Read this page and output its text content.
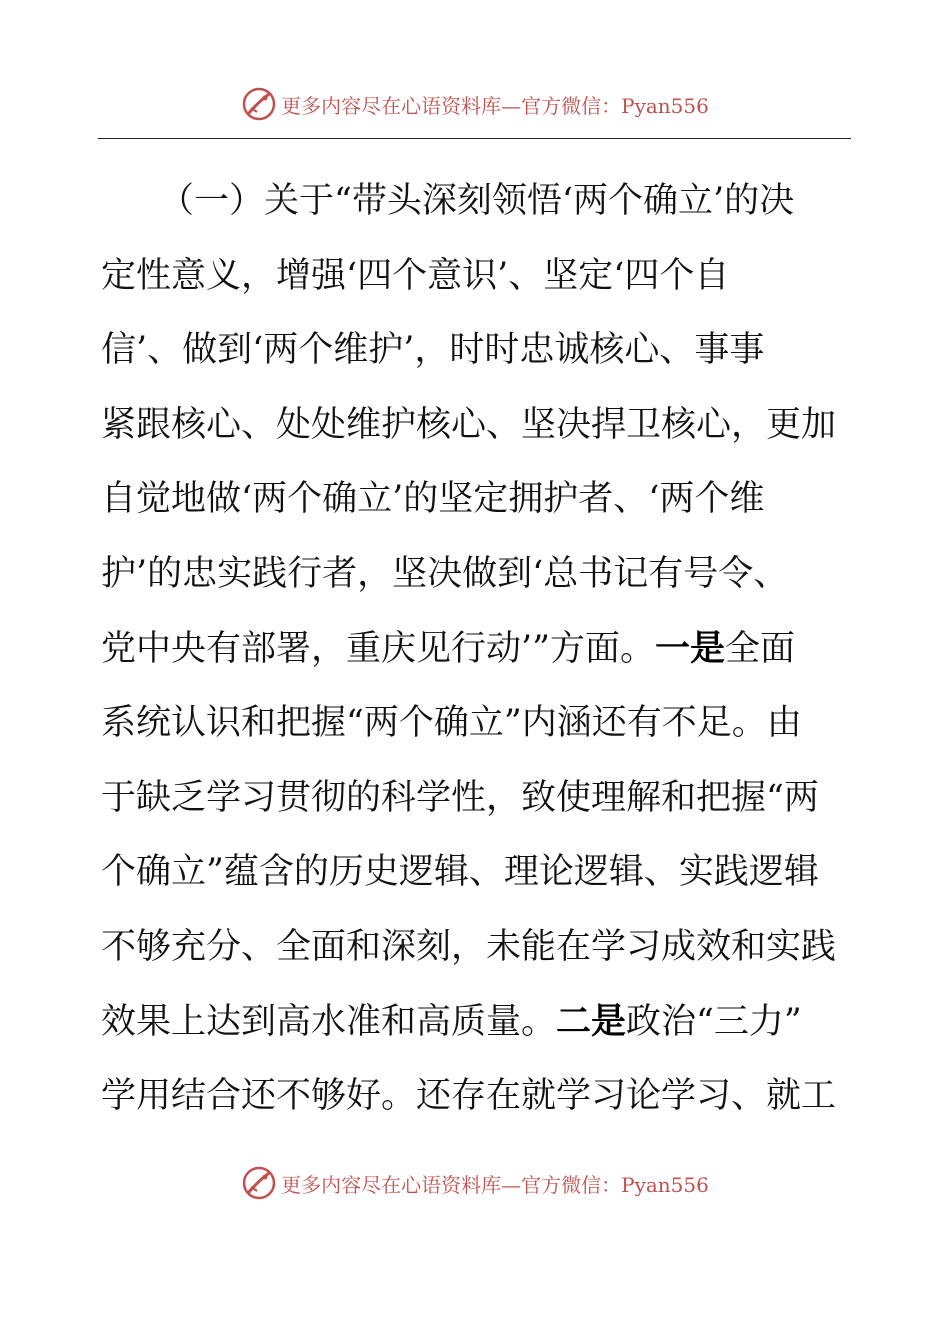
更多内容尽在心语资料库—官方微信：Pyan556
（一）关于“带头深刻领悟‘两个确立’的决
定性意义，增强‘四个意识’、坚定‘四个自
信’、做到‘两个维护’，时时忠诚核心、事事
紧跟核心、处处维护核心、坚决捍卫核心，更加
自觉地做‘两个确立’的坚定拥护者、‘两个维
护’的忠实践行者，坚决做到‘总书记有号令、
党中央有部署，重庆见行动’”方面。一是全面
系统认识和把握“两个确立”内涵还有不足。由
于缺乏学习贯彻的科学性，致使理解和把握“两
个确立”蕴含的历史逻辑、理论逻辑、实践逻辑
不够充分、全面和深刻，未能在学习成效和实践
效果上达到高水准和高质量。二是政治“三力”
学用结合还不够好。还存在就学习论学习、就工
更多内容尽在心语资料库—官方微信：Pyan556
